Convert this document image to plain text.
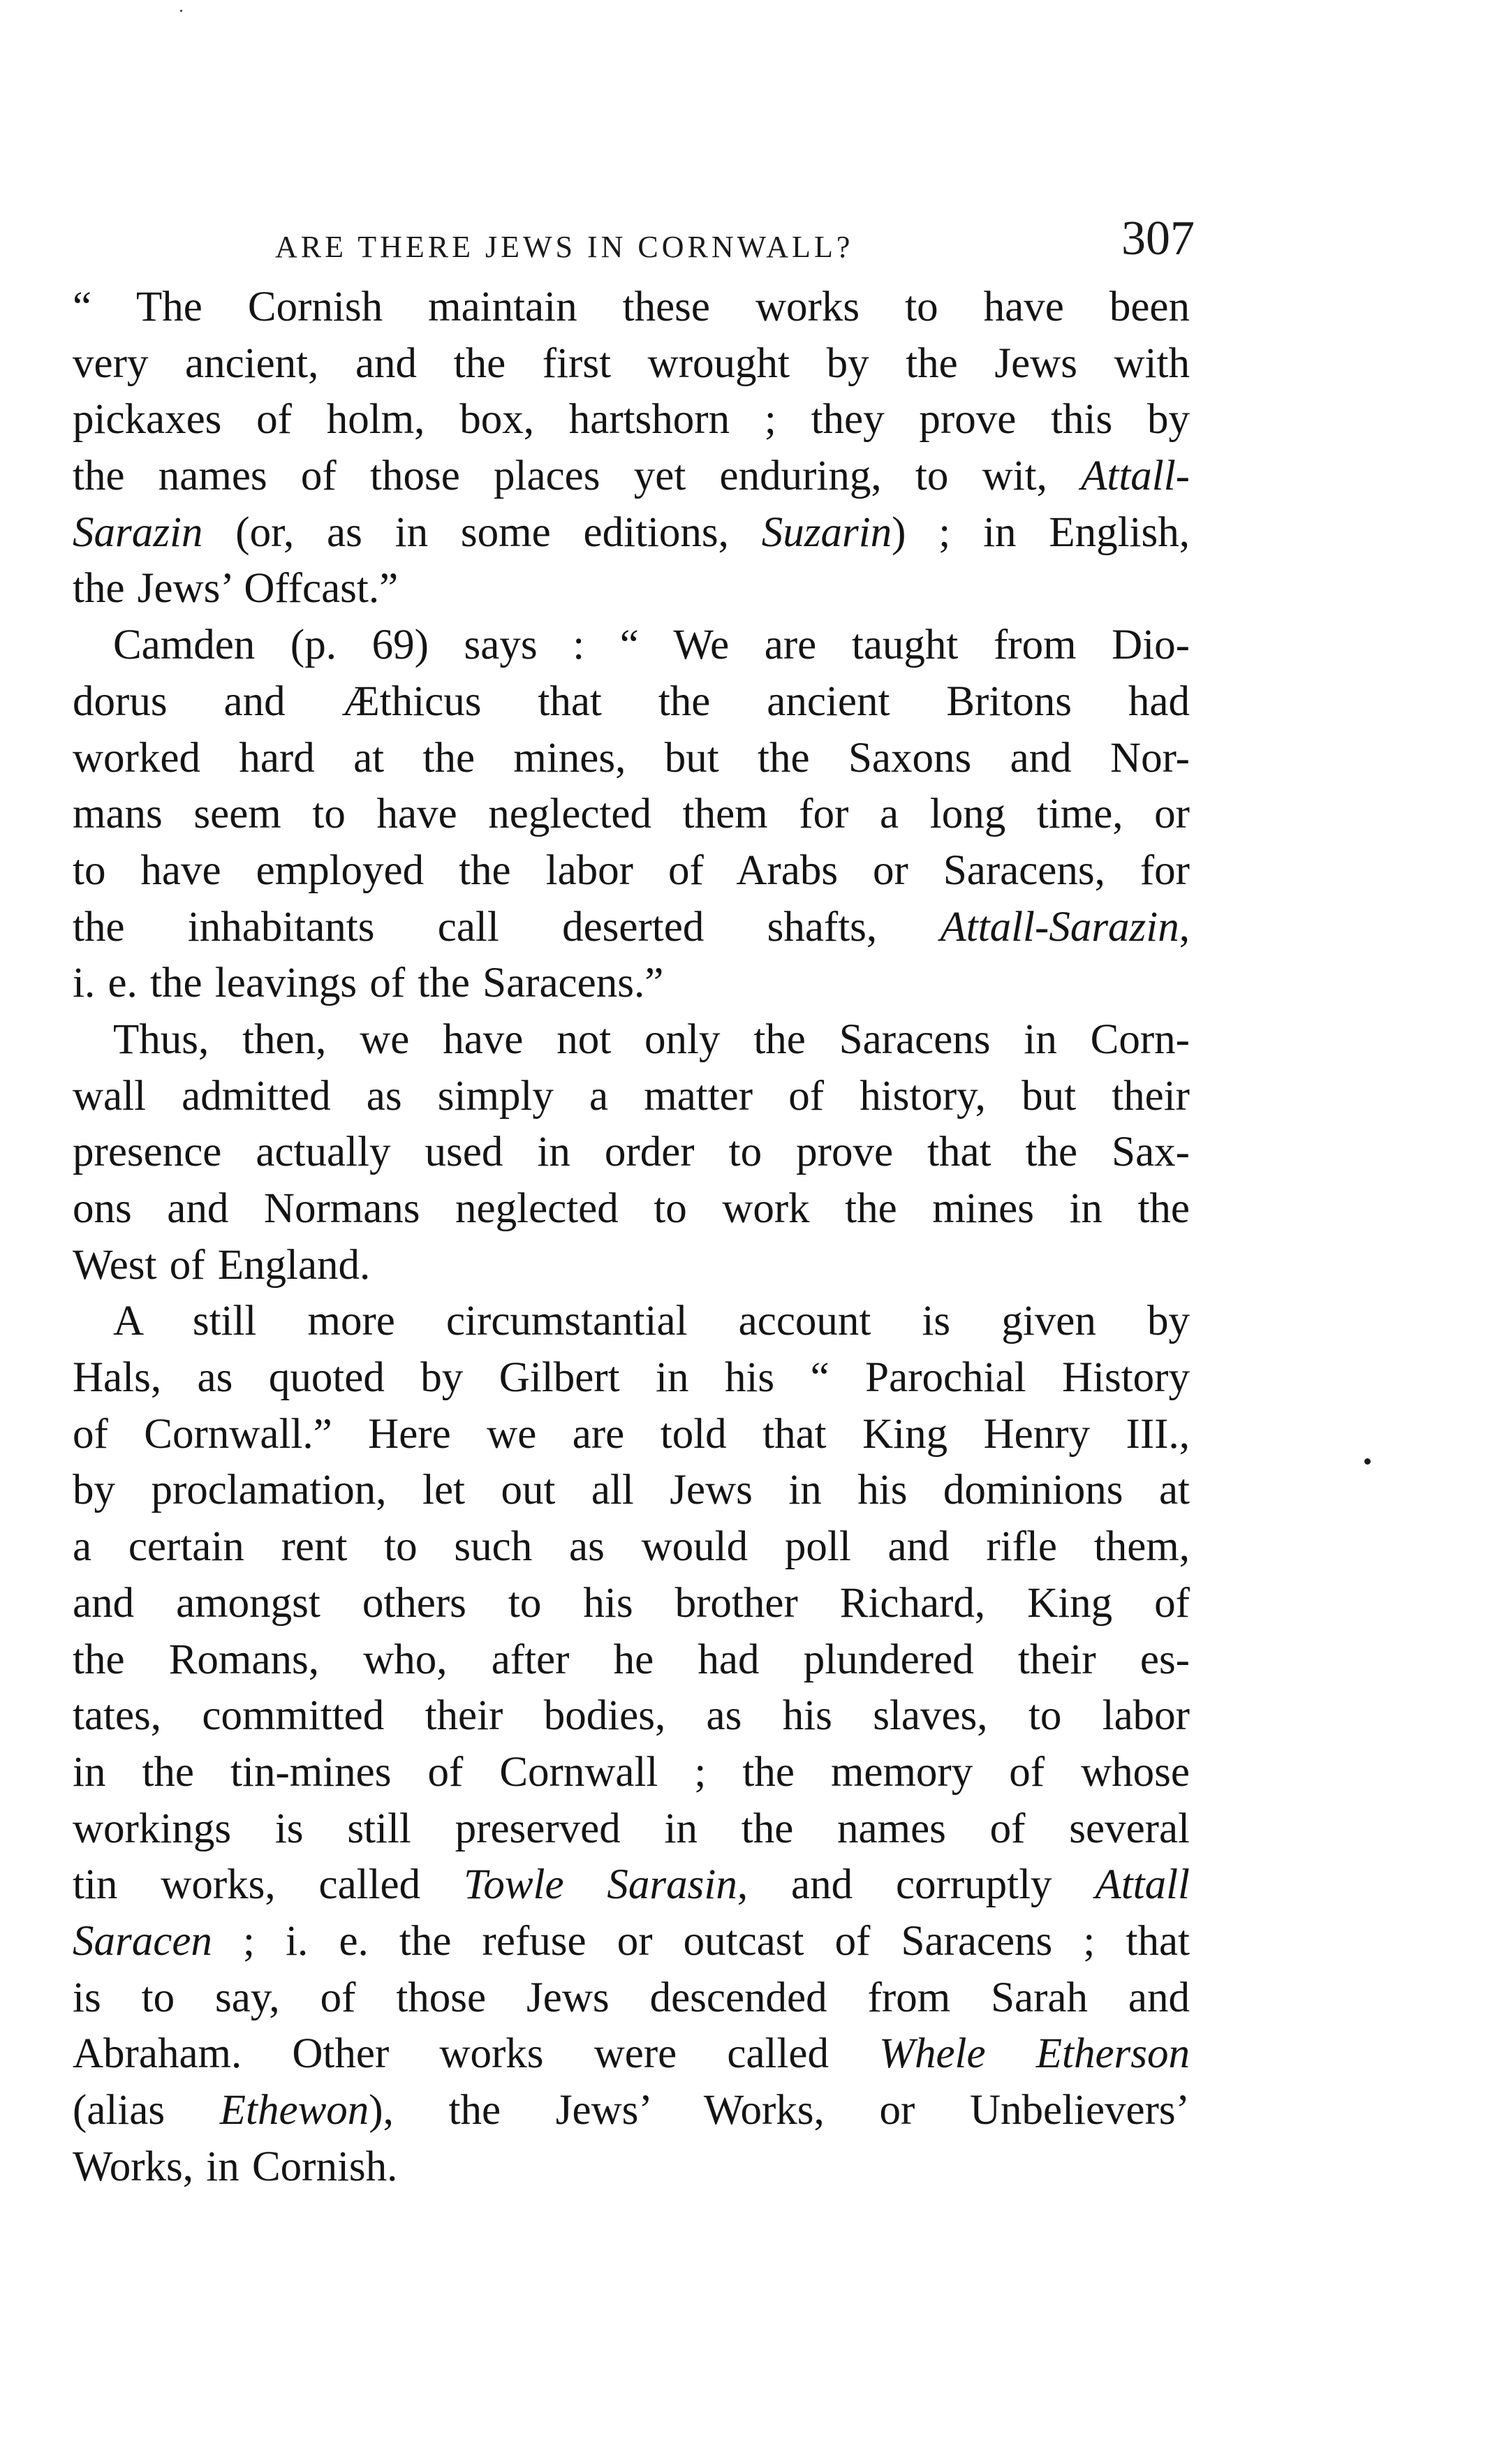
ARE THERE JEWS IN CORNWALL?	307
“ The Cornish maintain these works to have been
very ancient, and the first wrought by the Jews with
pickaxes of holm, box, hartshorn ; they prove this by
the names of those places yet enduring, to wit, Attall-
Sarazin (or, as in some editions, Suzarin) ; in English,
the Jews’ Offcast.”
Camden (p. 69) says : “ We are taught from Dio-
dorus and Æthicus that the ancient Britons had
worked hard at the mines, but the Saxons and Nor-
mans seem to have neglected them for a long time, or
to have employed the labor of Arabs or Saracens, for
the inhabitants call deserted shafts, Attall-Sarazin,
i. e. the leavings of the Saracens.”
Thus, then, we have not only the Saracens in Corn-
wall admitted as simply a matter of history, but their
presence actually used in order to prove that the Sax-
ons and Normans neglected to work the mines in the
West of England.
A still more circumstantial account is given by
Hals, as quoted by Gilbert in his “ Parochial History
of Cornwall.” Here we are told that King Henry III.,
by proclamation, let out all Jews in his dominions at
a certain rent to such as would poll and rifle them,
and amongst others to his brother Richard, King of
the Romans, who, after he had plundered their es-
tates, committed their bodies, as his slaves, to labor
in the tin-mines of Cornwall ; the memory of whose
workings is still preserved in the names of several
tin works, called Towle Sarasin, and corruptly Attall
Saracen ; i. e. the refuse or outcast of Saracens ; that
is to say, of those Jews descended from Sarah and
Abraham. Other works were called Whele Etherson
(alias Ethewon), the Jews’ Works, or Unbelievers’
Works, in Cornish.
